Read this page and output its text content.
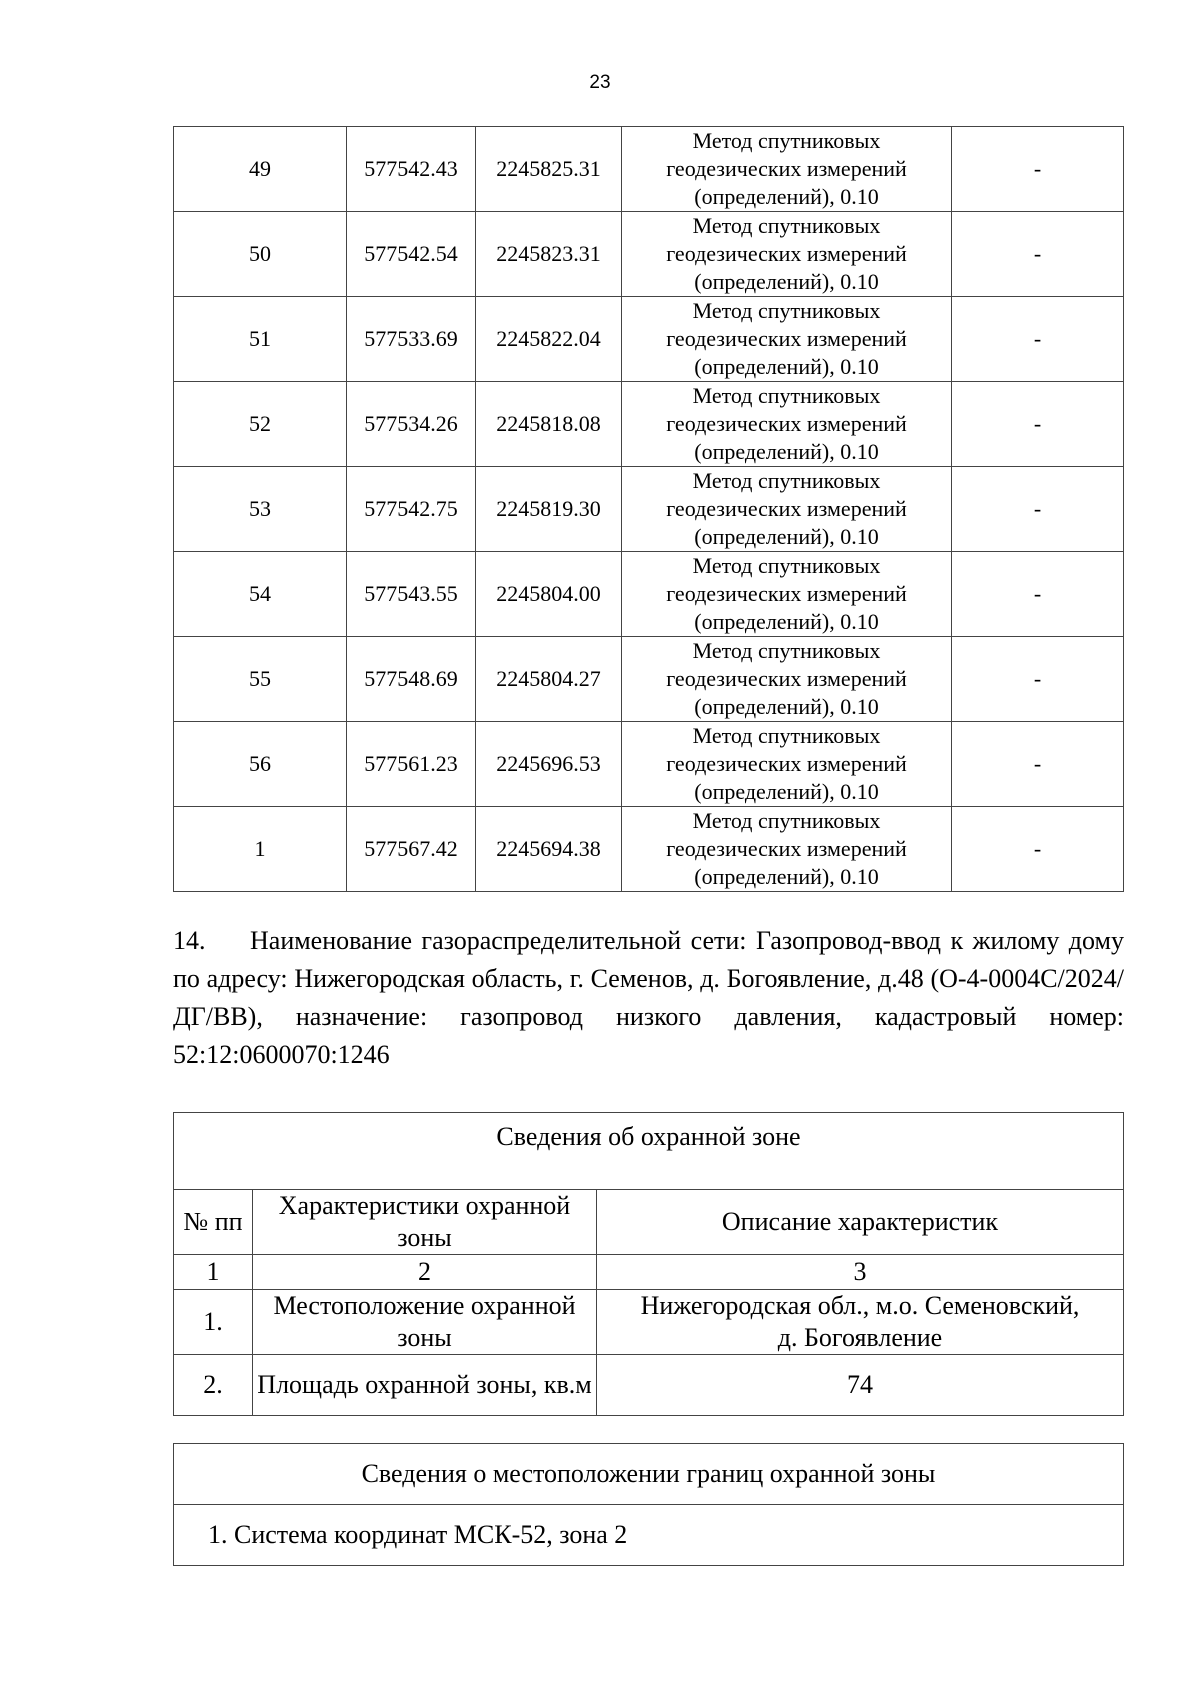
23
49	577542.43	2245825.31	Метод спутниковых
геодезических измерений
(определений), 0.10	-
50	577542.54	2245823.31	Метод спутниковых
геодезических измерений
(определений), 0.10	-
51	577533.69	2245822.04	Метод спутниковых
геодезических измерений
(определений), 0.10	-
52	577534.26	2245818.08	Метод спутниковых
геодезических измерений
(определений), 0.10	-
53	577542.75	2245819.30	Метод спутниковых
геодезических измерений
(определений), 0.10	-
54	577543.55	2245804.00	Метод спутниковых
геодезических измерений
(определений), 0.10	-
55	577548.69	2245804.27	Метод спутниковых
геодезических измерений
(определений), 0.10	-
56	577561.23	2245696.53	Метод спутниковых
геодезических измерений
(определений), 0.10	-
1	577567.42	2245694.38	Метод спутниковых
геодезических измерений
(определений), 0.10	-

14. Наименование газораспределительной сети: Газопровод-ввод к жилому дому по адресу: Нижегородская область, г. Семенов, д. Богоявление, д.48 (О-4-0004С/2024/ДГ/ВВ), назначение: газопровод низкого давления, кадастровый номер: 52:12:0600070:1246

Сведения об охранной зоне		
№ пп	Характеристики охранной
зоны	Описание характеристик
1	2	3
1.	Местоположение охранной
зоны	Нижегородская обл., м.о. Семеновский,
д. Богоявление
2.	Площадь охранной зоны, кв.м	74
Сведения о местоположении границ охранной зоны
1. Система координат МСК-52, зона 2
